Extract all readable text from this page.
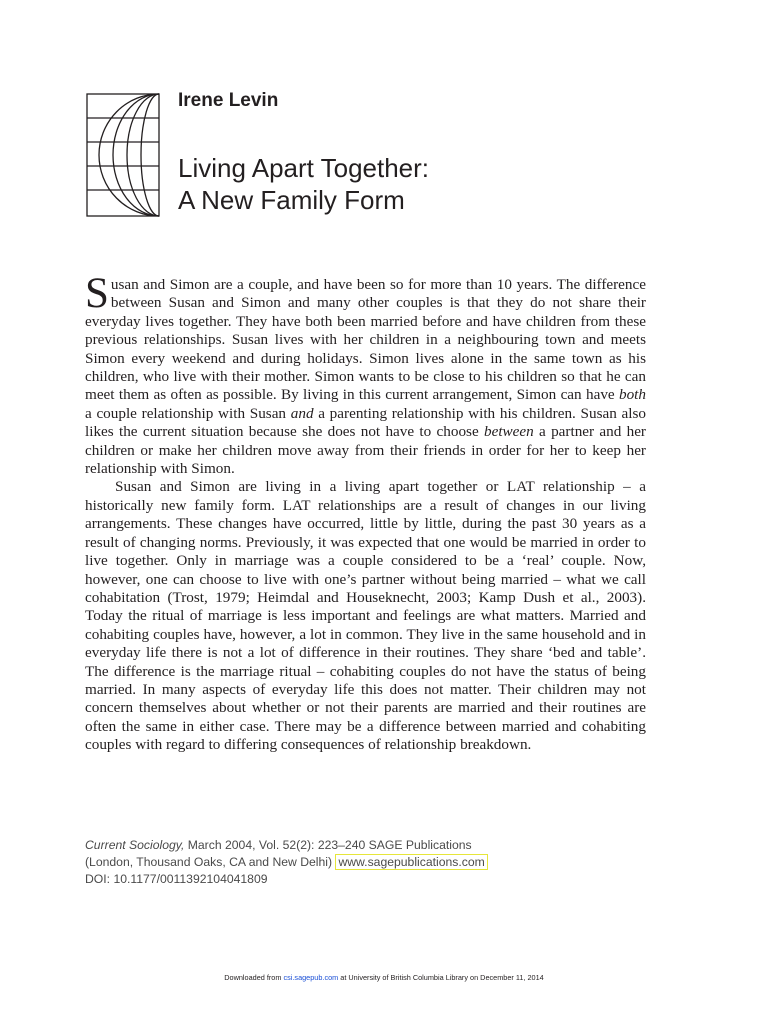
Irene Levin
Living Apart Together:
A New Family Form

Susan and Simon are a couple, and have been so for more than 10 years. The difference between Susan and Simon and many other couples is that they do not share their everyday lives together. They have both been married before and have children from these previous relationships. Susan lives with her children in a neighbouring town and meets Simon every weekend and during holidays. Simon lives alone in the same town as his children, who live with their mother. Simon wants to be close to his children so that he can meet them as often as possible. By living in this current arrangement, Simon can have both a couple relationship with Susan and a parenting relationship with his children. Susan also likes the current situation because she does not have to choose between a partner and her children or make her children move away from their friends in order for her to keep her relationship with Simon.

Susan and Simon are living in a living apart together or LAT relationship – a historically new family form. LAT relationships are a result of changes in our living arrangements. These changes have occurred, little by little, during the past 30 years as a result of changing norms. Previously, it was expected that one would be married in order to live together. Only in marriage was a couple considered to be a ‘real’ couple. Now, however, one can choose to live with one’s partner without being married – what we call cohabitation (Trost, 1979; Heimdal and Houseknecht, 2003; Kamp Dush et al., 2003). Today the ritual of marriage is less important and feelings are what matters. Married and cohabiting couples have, however, a lot in common. They live in the same household and in everyday life there is not a lot of difference in their routines. They share ‘bed and table’. The difference is the marriage ritual – cohabiting couples do not have the status of being married. In many aspects of everyday life this does not matter. Their children may not concern themselves about whether or not their parents are married and their routines are often the same in either case. There may be a difference between married and cohabiting couples with regard to differing consequences of relationship breakdown.

Current Sociology, March 2004, Vol. 52(2): 223–240 SAGE Publications
(London, Thousand Oaks, CA and New Delhi) www.sagepublications.com
DOI: 10.1177/0011392104041809
Downloaded from csi.sagepub.com at University of British Columbia Library on December 11, 2014
